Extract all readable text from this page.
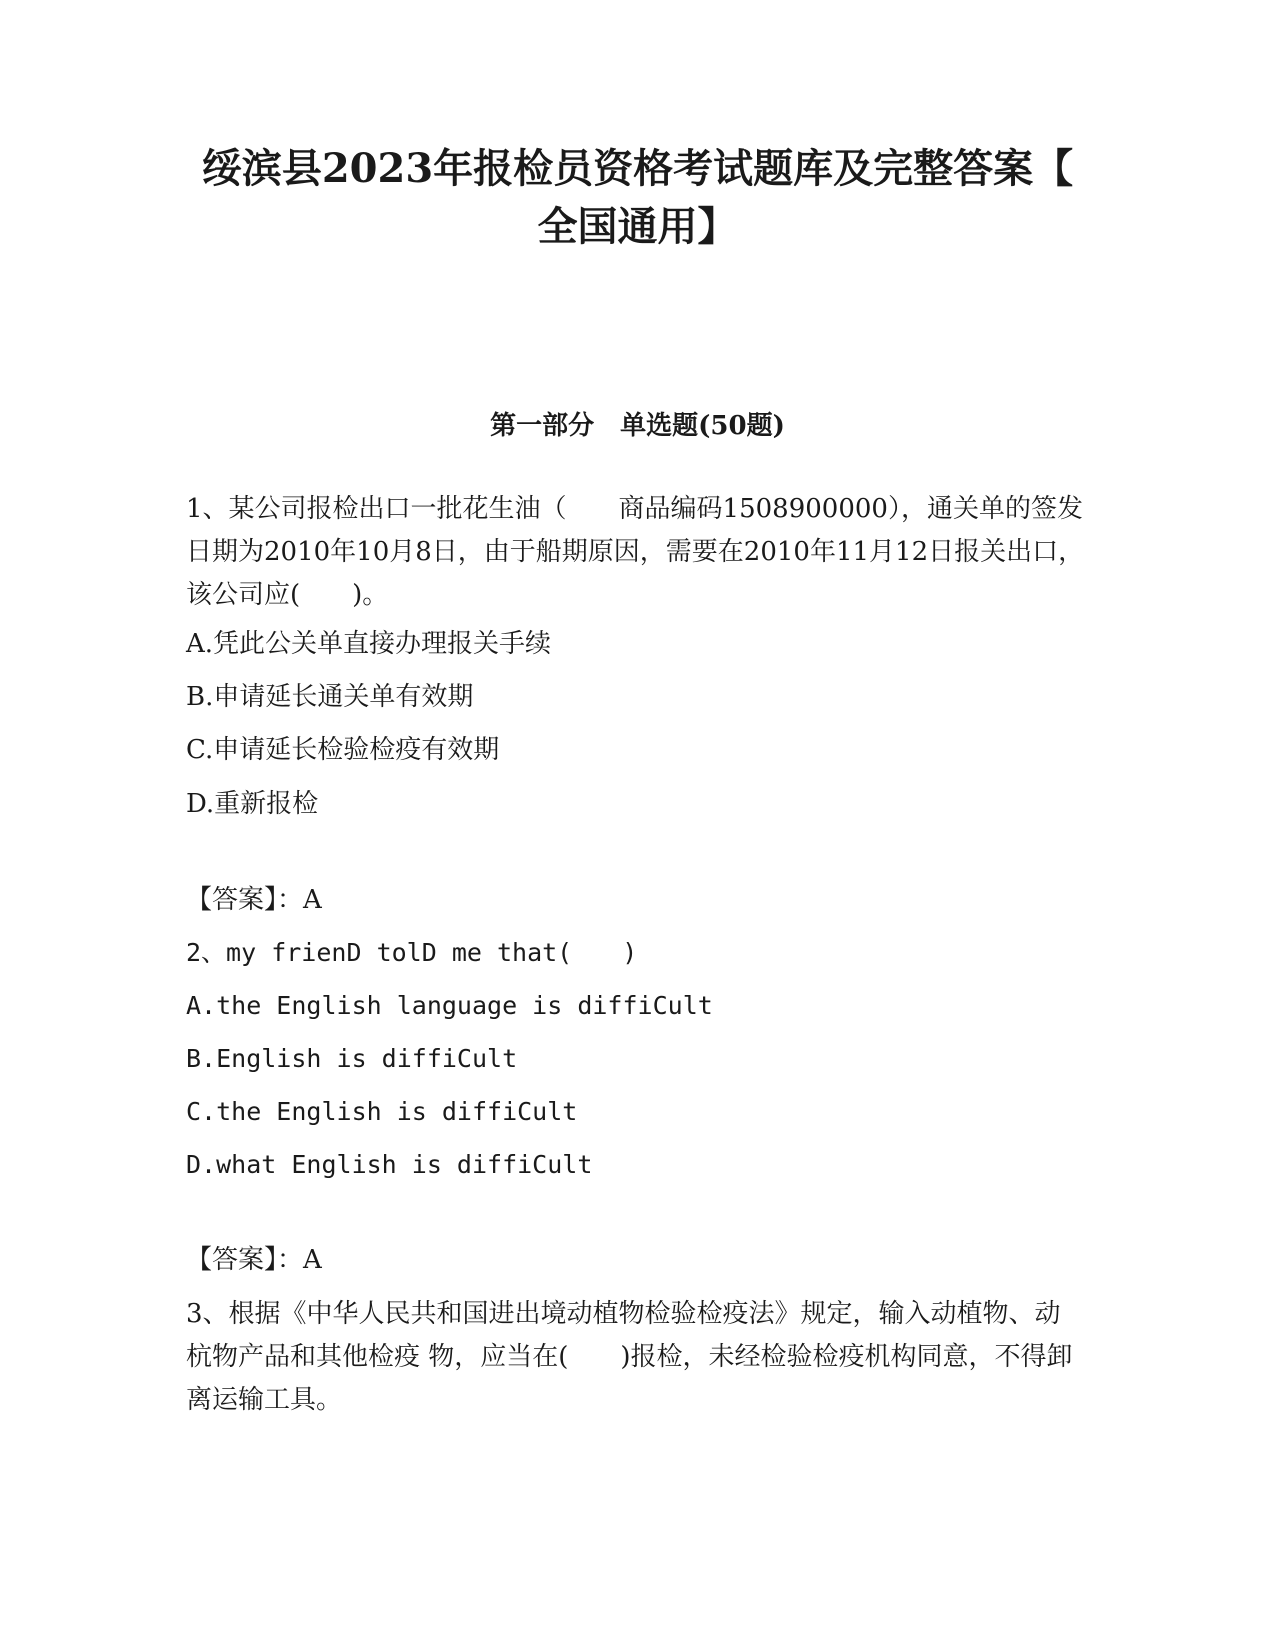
绥滨县2023年报检员资格考试题库及完整答案【
全国通用】
第一部分　单选题(50题)

1、某公司报检出口一批花生油（　　商品编码1508900000），通关单的签发日期为2010年10月8日，由于船期原因，需要在2010年11月12日报关出口，该公司应(　　)。

A.凭此公关单直接办理报关手续

B.申请延长通关单有效期

C.申请延长检验检疫有效期

D.重新报检

【答案】：A

2、my frienD tolD me that(　　)

A.the English language is diffiCult

B.English is diffiCult

C.the English is diffiCult

D.what English is diffiCult

【答案】：A

3、根据《中华人民共和国进出境动植物检验检疫法》规定，输入动植物、动杭物产品和其他检疫 物，应当在(　　)报检，未经检验检疫机构同意，不得卸离运输工具。
